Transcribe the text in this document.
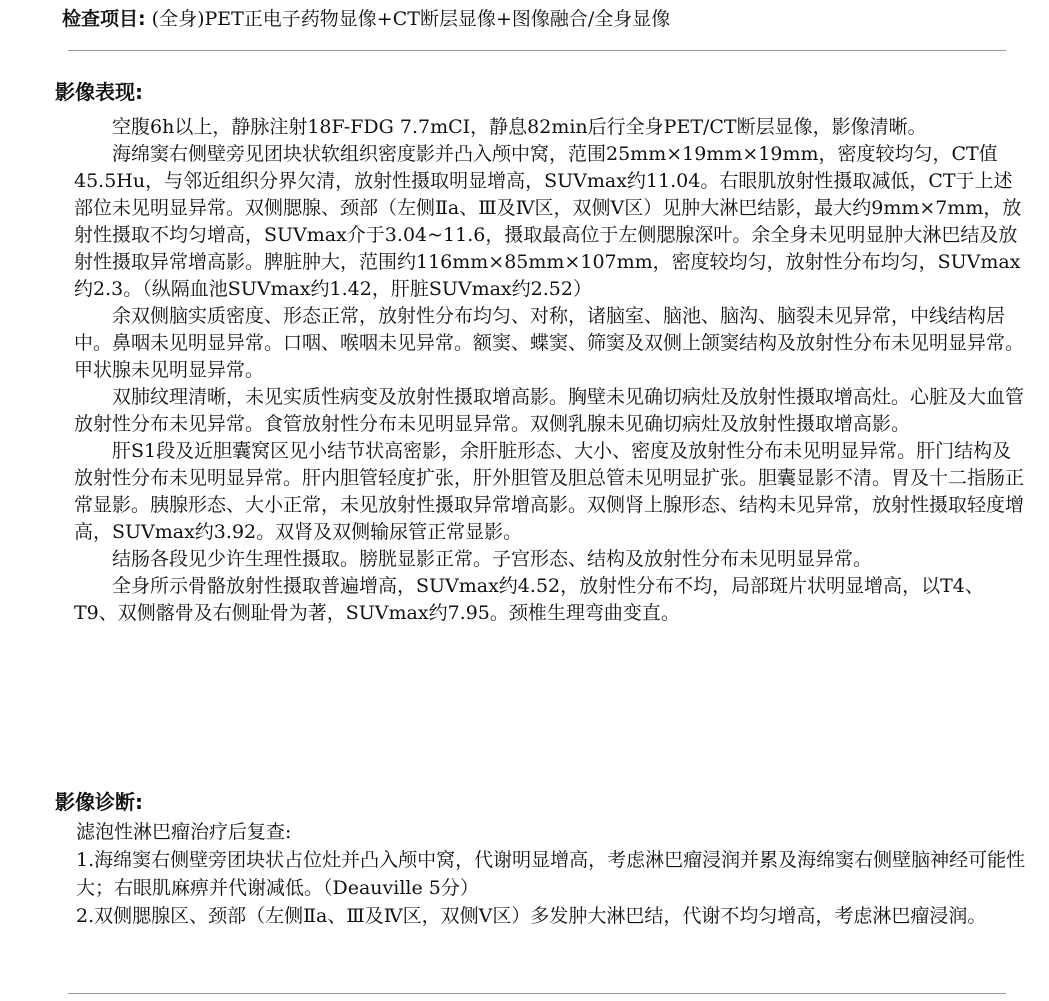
检查项目: (全身)PET正电子药物显像+CT断层显像+图像融合/全身显像
影像表现:

空腹6h以上，静脉注射18F-FDG 7.7mCI，静息82min后行全身PET/CT断层显像，影像清晰。

海绵窦右侧壁旁见团块状软组织密度影并凸入颅中窝，范围25mm×19mm×19mm，密度较均匀，CT值45.5Hu，与邻近组织分界欠清，放射性摄取明显增高，SUVmax约11.04。右眼肌放射性摄取减低，CT于上述部位未见明显异常。双侧腮腺、颈部（左侧Ⅱa、Ⅲ及Ⅳ区，双侧Ⅴ区）见肿大淋巴结影，最大约9mm×7mm，放射性摄取不均匀增高，SUVmax介于3.04~11.6，摄取最高位于左侧腮腺深叶。余全身未见明显肿大淋巴结及放射性摄取异常增高影。脾脏肿大，范围约116mm×85mm×107mm，密度较均匀，放射性分布均匀，SUVmax约2.3。（纵隔血池SUVmax约1.42，肝脏SUVmax约2.52）

余双侧脑实质密度、形态正常，放射性分布均匀、对称，诸脑室、脑池、脑沟、脑裂未见异常，中线结构居中。鼻咽未见明显异常。口咽、喉咽未见异常。额窦、蝶窦、筛窦及双侧上颌窦结构及放射性分布未见明显异常。甲状腺未见明显异常。

双肺纹理清晰，未见实质性病变及放射性摄取增高影。胸壁未见确切病灶及放射性摄取增高灶。心脏及大血管放射性分布未见异常。食管放射性分布未见明显异常。双侧乳腺未见确切病灶及放射性摄取增高影。

肝S1段及近胆囊窝区见小结节状高密影，余肝脏形态、大小、密度及放射性分布未见明显异常。肝门结构及放射性分布未见明显异常。肝内胆管轻度扩张，肝外胆管及胆总管未见明显扩张。胆囊显影不清。胃及十二指肠正常显影。胰腺形态、大小正常，未见放射性摄取异常增高影。双侧肾上腺形态、结构未见异常，放射性摄取轻度增高，SUVmax约3.92。双肾及双侧输尿管正常显影。

结肠各段见少许生理性摄取。膀胱显影正常。子宫形态、结构及放射性分布未见明显异常。

全身所示骨骼放射性摄取普遍增高，SUVmax约4.52，放射性分布不均，局部斑片状明显增高，以T4、T9、双侧髂骨及右侧耻骨为著，SUVmax约7.95。颈椎生理弯曲变直。

影像诊断:

滤泡性淋巴瘤治疗后复查:

1.海绵窦右侧壁旁团块状占位灶并凸入颅中窝，代谢明显增高，考虑淋巴瘤浸润并累及海绵窦右侧壁脑神经可能性大；右眼肌麻痹并代谢减低。（Deauville 5分）

2.双侧腮腺区、颈部（左侧Ⅱa、Ⅲ及Ⅳ区，双侧Ⅴ区）多发肿大淋巴结，代谢不均匀增高，考虑淋巴瘤浸润。
